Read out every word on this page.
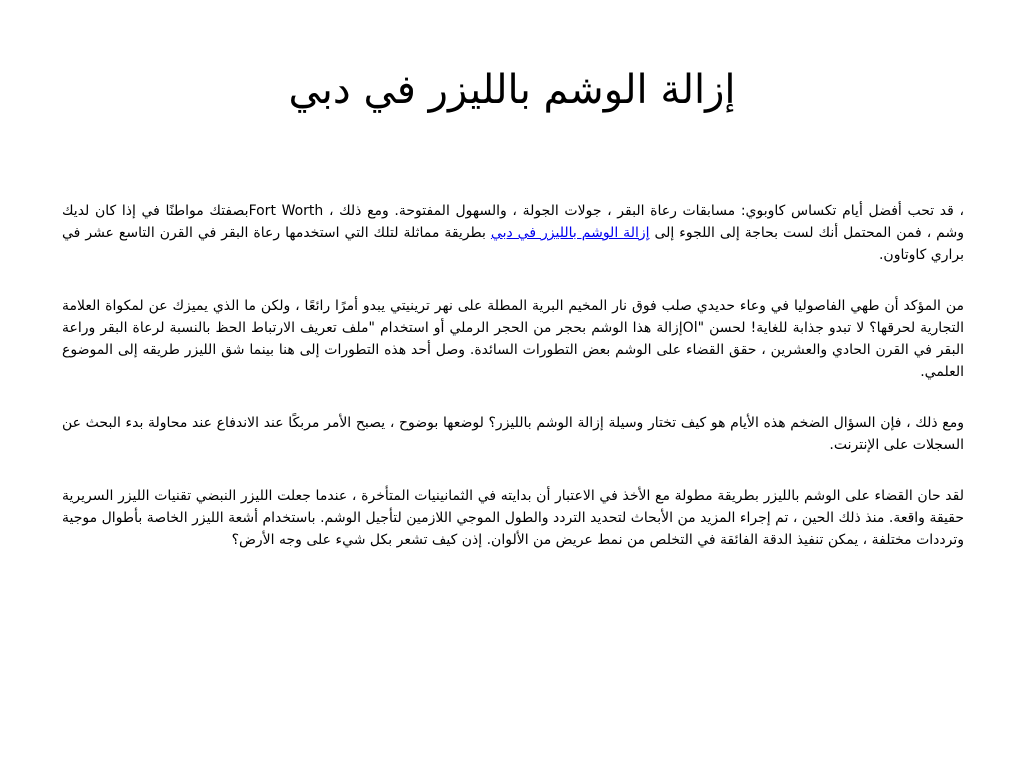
إزالة الوشم بالليزر في دبي

، قد تحب أفضل أيام تكساس كاوبوي: مسابقات رعاة البقر ، جولات الجولة ، والسهول المفتوحة. ومع ذلك ، Fort Worthبصفتك مواطنًا في إذا كان لديك وشم ، فمن المحتمل أنك لست بحاجة إلى اللجوء إلى إزالة الوشم بالليزر في دبي بطريقة مماثلة لتلك التي استخدمها رعاة البقر في القرن التاسع عشر في براري كاوتاون.

من المؤكد أن طهي الفاصوليا في وعاء حديدي صلب فوق نار المخيم البرية المطلة على نهر ترينيتي يبدو أمرًا رائعًا ، ولكن ما الذي يميزك عن لمكواة العلامة التجارية لحرقها؟ لا تبدو جذابة للغاية! لحسن Ol"إزالة هذا الوشم بحجر من الحجر الرملي أو استخدام "ملف تعريف الارتباط الحظ بالنسبة لرعاة البقر وراعة البقر في القرن الحادي والعشرين ، حقق القضاء على الوشم بعض التطورات السائدة. وصل أحد هذه التطورات إلى هنا بينما شق الليزر طريقه إلى الموضوع العلمي.

ومع ذلك ، فإن السؤال الضخم هذه الأيام هو كيف تختار وسيلة إزالة الوشم بالليزر؟ لوضعها بوضوح ، يصبح الأمر مربكًا عند الاندفاع عند محاولة بدء البحث عن السجلات على الإنترنت.

لقد حان القضاء على الوشم بالليزر بطريقة مطولة مع الأخذ في الاعتبار أن بدايته في الثمانينيات المتأخرة ، عندما جعلت الليزر النبضي تقنيات الليزر السريرية حقيقة واقعة. منذ ذلك الحين ، تم إجراء المزيد من الأبحاث لتحديد التردد والطول الموجي اللازمين لتأجيل الوشم. باستخدام أشعة الليزر الخاصة بأطوال موجية وترددات مختلفة ، يمكن تنفيذ الدقة الفائقة في التخلص من نمط عريض من الألوان. إذن كيف تشعر بكل شيء على وجه الأرض؟
